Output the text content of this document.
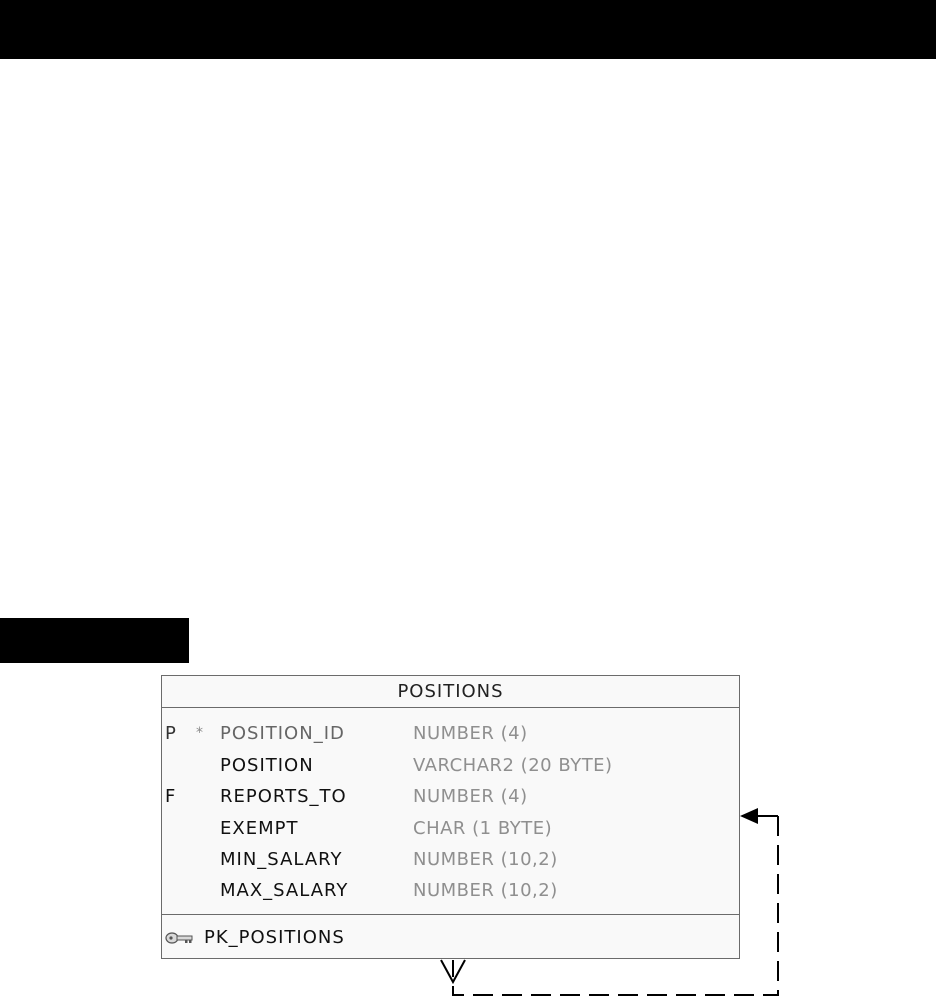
POSITIONS
P * POSITION_ID	NUMBER (4)
POSITION	VARCHAR2 (20 BYTE)
F REPORTS_TO	NUMBER (4)
EXEMPT	CHAR (1 BYTE)
MIN_SALARY	NUMBER (10,2)
MAX_SALARY	NUMBER (10,2)
PK_POSITIONS
